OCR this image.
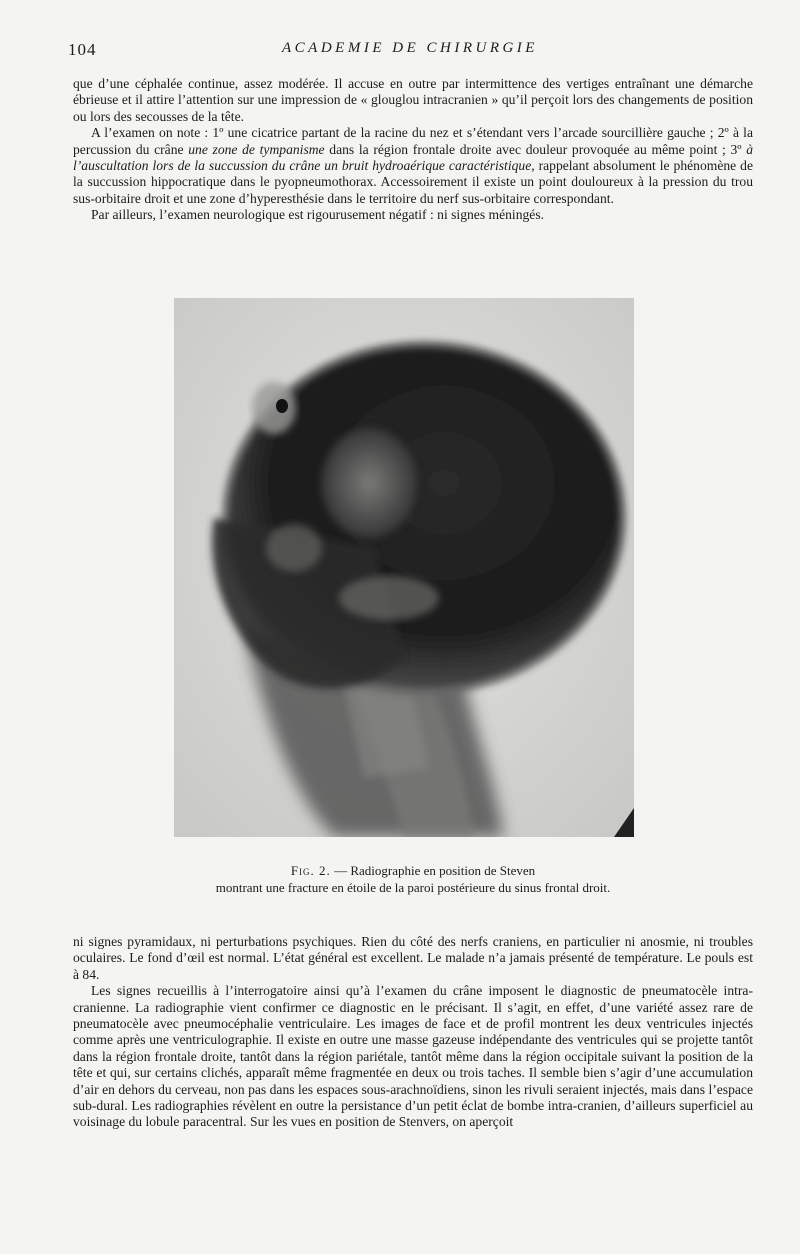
104	ACADEMIE DE CHIRURGIE

que d’une céphalée continue, assez modérée. Il accuse en outre par intermittence des vertiges entraînant une démarche ébrieuse et il attire l’attention sur une impression de « glouglou intracranien » qu’il perçoit lors des changements de position ou lors des secousses de la tête.

A l’examen on note : 1º une cicatrice partant de la racine du nez et s’étendant vers l’arcade sourcillière gauche ; 2º à la percussion du crâne une zone de tympanisme dans la région frontale droite avec douleur provoquée au même point ; 3º à l’auscultation lors de la succussion du crâne un bruit hydroaérique caractéristique, rappelant absolument le phénomène de la succussion hippocratique dans le pyopneumothorax. Accessoirement il existe un point douloureux à la pression du trou sus-orbitaire droit et une zone d’hyperesthésie dans le territoire du nerf sus-orbitaire correspondant.

Par ailleurs, l’examen neurologique est rigourusement négatif : ni signes méningés.

Fig. 2. — Radiographie en position de Steven
montrant une fracture en étoile de la paroi postérieure du sinus frontal droit.

ni signes pyramidaux, ni perturbations psychiques. Rien du côté des nerfs craniens, en particulier ni anosmie, ni troubles oculaires. Le fond d’œil est normal. L’état général est excellent. Le malade n’a jamais présenté de température. Le pouls est à 84.

Les signes recueillis à l’interrogatoire ainsi qu’à l’examen du crâne imposent le diagnostic de pneumatocèle intra-cranienne. La radiographie vient confirmer ce diagnostic en le précisant. Il s’agit, en effet, d’une variété assez rare de pneumatocèle avec pneumocéphalie ventriculaire. Les images de face et de profil montrent les deux ventricules injectés comme après une ventriculographie. Il existe en outre une masse gazeuse indépendante des ventricules qui se projette tantôt dans la région frontale droite, tantôt dans la région pariétale, tantôt même dans la région occipitale suivant la position de la tête et qui, sur certains clichés, apparaît même fragmentée en deux ou trois taches. Il semble bien s’agir d’une accumulation d’air en dehors du cerveau, non pas dans les espaces sous-arachnoïdiens, sinon les rivuli seraient injectés, mais dans l’espace sub-dural. Les radiographies révèlent en outre la persistance d’un petit éclat de bombe intra-cranien, d’ailleurs superficiel au voisinage du lobule paracentral. Sur les vues en position de Stenvers, on aperçoit
